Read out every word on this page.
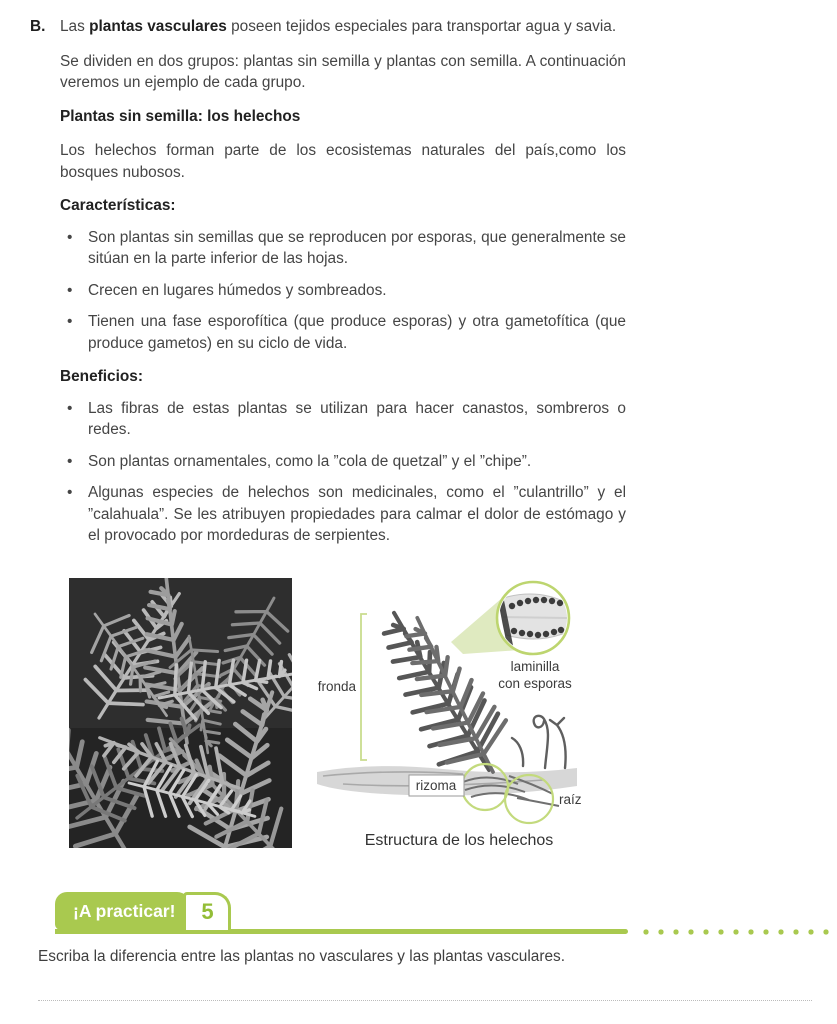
B. Las plantas vasculares poseen tejidos especiales para transportar agua y savia.

Se dividen en dos grupos: plantas sin semilla y plantas con semilla. A continuación veremos un ejemplo de cada grupo.

Plantas sin semilla: los helechos

Los helechos forman parte de los ecosistemas naturales del país,como los bosques nubosos.

Características:
• Son plantas sin semillas que se reproducen por esporas, que generalmente se sitúan en la parte inferior de las hojas.
• Crecen en lugares húmedos y sombreados.
• Tienen una fase esporofítica (que produce esporas) y otra gametofítica (que produce gametos) en su ciclo de vida.
Beneficios:
• Las fibras de estas plantas se utilizan para hacer canastos, sombreros o redes.
• Son plantas ornamentales, como la ”cola de quetzal” y el ”chipe”.
• Algunas especies de helechos son medicinales, como el ”culantrillo” y el ”calahuala”. Se les atribuyen propiedades para calmar el dolor de estómago y el provocado por mordeduras de serpientes.
fronda
laminilla
con esporas
rizoma
raíz
Estructura de los helechos
¡A practicar!	5
Escriba la diferencia entre las plantas no vasculares y las plantas vasculares.
